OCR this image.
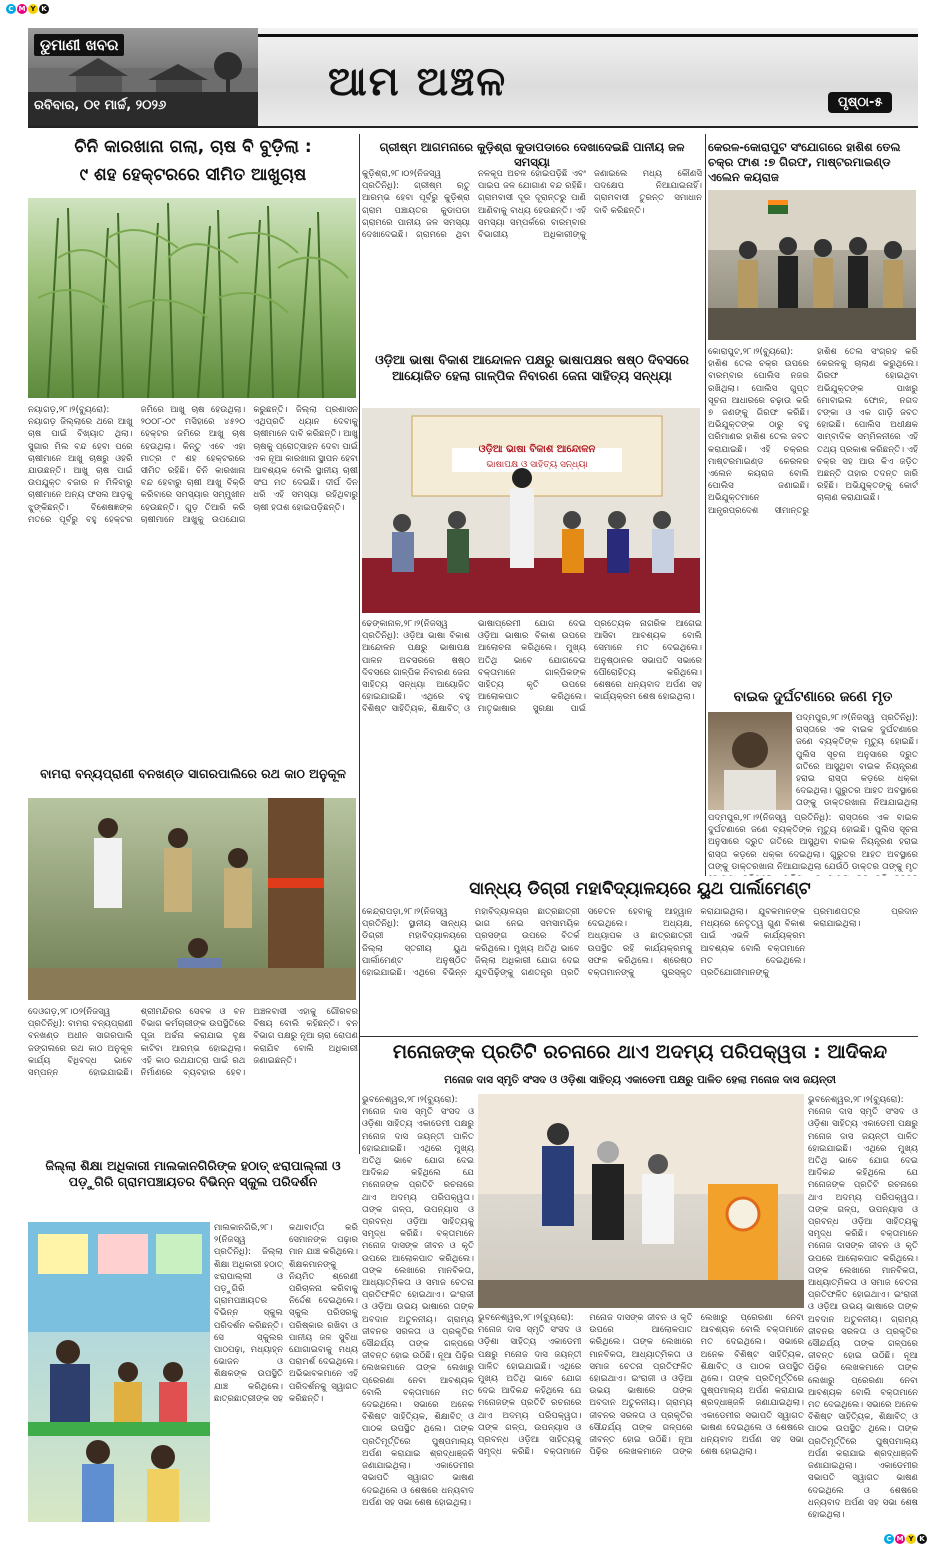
C M Y K
ଡୁମାଣୀ ଖବର
ରବିବାର, ୦୧ ମାର୍ଚ୍ଚ, ୨୦୨୬
ଆମ ଅଞ୍ଚଳ	ପୃଷ୍ଠା-୫
ଚିନି କାରଖାନା ଗଲା, ଚାଷ ବି ବୁଡ଼ିଲା :
୯ ଶହ ହେକ୍ଟରରେ ସୀମିତ ଆଖୁଚାଷ
ନୟାଗଡ଼,୨୮।୨(ବ୍ୟୁରୋ): ନୟାଗଡ଼ ଜିଲ୍ଲାରେ ଥରେ ଆଖୁ ଚାଷ ପାଇଁ ବିଖ୍ୟାତ ଥିଲା। ସୁଗାର ମିଲ ବନ୍ଦ ହେବା ପରେ ଚାଷୀମାନେ ଆଖୁ ଚାଷରୁ ଓହରି ଯାଉଛନ୍ତି। ଆଖୁ ଚାଷ ପାଇଁ ଉପଯୁକ୍ତ ବଜାର ନ ମିଳିବାରୁ ଚାଷୀମାନେ ଅନ୍ୟ ଫସଲ ଆଡ଼କୁ ଝୁଙ୍କିଛନ୍ତି। ବିଶେଷଜ୍ଞଙ୍କ ମତରେ ପୂର୍ବରୁ ବହୁ ହେକ୍ଟର ଜମିରେ ଆଖୁ ଚାଷ ହେଉଥିଲା। ୨୦୦୮-୦୯ ମସିହାରେ ୪୫୨୦ ହେକ୍ଟର ଜମିରେ ଆଖୁ ଚାଷ ହେଉଥିଲା। କିନ୍ତୁ ଏବେ ଏହା ମାତ୍ର ୯ ଶହ ହେକ୍ଟରରେ ସୀମିତ ରହିଛି। ଚିନି କାରଖାନା ବନ୍ଦ ହେବାରୁ ଚାଷୀ ଆଖୁ ବିକ୍ରି କରିବାରେ ସମସ୍ୟାର ସମ୍ମୁଖୀନ ହେଉଛନ୍ତି। ଗୁଡ଼ ତିଆରି କରି ଚାଷୀମାନେ ଆଖୁକୁ ଉପଯୋଗ କରୁଛନ୍ତି। ଜିଲ୍ଲା ପ୍ରଶାସନ ଏଥିପ୍ରତି ଧ୍ୟାନ ଦେବାକୁ ଚାଷୀମାନେ ଦାବି କରିଛନ୍ତି। ଆଖୁ ଚାଷକୁ ପ୍ରୋତ୍ସାହନ ଦେବା ପାଇଁ ଏକ ନୂଆ କାରଖାନା ସ୍ଥାପନ ହେବା ଆବଶ୍ୟକ ବୋଲି ସ୍ଥାନୀୟ ଚାଷୀ ସଂଘ ମତ ଦେଇଛି। ଦୀର୍ଘ ଦିନ ଧରି ଏହି ସମସ୍ୟା ରହିଥିବାରୁ ଚାଷୀ ହତାଶ ହୋଇପଡ଼ିଛନ୍ତି।
ଗ୍ରୀଷ୍ମ ଆଗମନାରେ କୁଡ଼ିଶ୍ରା କୁଡାପଡାରେ ଦେଖାଦେଇଛି ପାନୀୟ ଜଳ ସମସ୍ୟା
କୁଡ଼ିଶ୍ରା,୨୮।୦୨(ନିଜସ୍ୱ ପ୍ରତିନିଧି): ଗ୍ରୀଷ୍ମ ଋତୁ ଆରମ୍ଭ ହେବା ପୂର୍ବରୁ କୁଡ଼ିଶ୍ରା ଗ୍ରାମ ପଞ୍ଚାୟତର କୁଡାପଡା ଗ୍ରାମରେ ପାନୀୟ ଜଳ ସମସ୍ୟା ଦେଖାଦେଇଛି। ଗ୍ରାମରେ ଥିବା ନଳକୂପ ଅଚଳ ହୋଇପଡ଼ିଛି ଏବଂ ପାଇପ ଜଳ ଯୋଗାଣ ବନ୍ଦ ରହିଛି। ଗ୍ରାମବାସୀ ଦୂର ଦୂରାନ୍ତରୁ ପାଣି ଆଣିବାକୁ ବାଧ୍ୟ ହେଉଛନ୍ତି। ଏହି ସମସ୍ୟା ସମ୍ପର୍କରେ ବାରମ୍ବାର ବିଭାଗୀୟ ଅଧିକାରୀଙ୍କୁ ଜଣାଇଲେ ମଧ୍ୟ କୌଣସି ପଦକ୍ଷେପ ନିଆଯାଇନାହିଁ। ଗ୍ରାମବାସୀ ତୁରନ୍ତ ସମାଧାନ ଦାବି କରିଛନ୍ତି।
କେରଳ-କୋରାପୁଟ ସଂଯୋଗରେ ହାଶିଶ ତେଲ ଚକ୍ର ଫାଶ :୭ ଗିରଫ, ମାଷ୍ଟରମାଇଣ୍ଡ ଏଲେନ କୟରାଜ
କୋରାପୁଟ,୨୮।୨(ବ୍ୟୁରୋ): ହାଶିଶ ତେଲ ଚକ୍ର ଉପରେ ବାରମ୍ବାର ପୋଲିସ ନଜର ରଖିଥିଲା। ପୋଲିସ ଗୁପ୍ତ ସୂଚନା ଆଧାରରେ ଚଢ଼ାଉ କରି ୭ ଜଣଙ୍କୁ ଗିରଫ କରିଛି। ଅଭିଯୁକ୍ତଙ୍କ ଠାରୁ ବହୁ ପରିମାଣର ହାଶିଶ ତେଲ ଜବତ କରାଯାଇଛି। ଏହି ଚକ୍ରର ମାଷ୍ଟରମାଇଣ୍ଡ କେରଳର ଏଲେନ କୟରାଜ ବୋଲି ପୋଲିସ ଜଣାଇଛି। ଅଭିଯୁକ୍ତମାନେ ଆନ୍ଧ୍ରପ୍ରଦେଶ ସୀମାନ୍ତରୁ ହାଶିଶ ତେଲ ସଂଗ୍ରହ କରି କେରଳକୁ ଚାଲାଣ କରୁଥିଲେ। ଗିରଫ ହୋଇଥିବା ଅଭିଯୁକ୍ତଙ୍କ ପାଖରୁ ମୋବାଇଲ ଫୋନ, ନଗଦ ଟଙ୍କା ଓ ଏକ ଗାଡ଼ି ଜବତ ହୋଇଛି। ପୋଲିସ ଅଧୀକ୍ଷକ ସାମ୍ବାଦିକ ସମ୍ମିଳନୀରେ ଏହି ତଥ୍ୟ ପ୍ରକାଶ କରିଛନ୍ତି। ଏହି ଚକ୍ର ସହ ଆଉ କିଏ ଜଡ଼ିତ ଅଛନ୍ତି ତାହାର ତଦନ୍ତ ଜାରି ରହିଛି। ଅଭିଯୁକ୍ତଙ୍କୁ କୋର୍ଟ ଚାଲାଣ କରାଯାଇଛି।
ଓଡ଼ିଆ ଭାଷା ବିକାଶ ଆନ୍ଦୋଳନ ପକ୍ଷରୁ ଭାଷାପକ୍ଷର ଷଷ୍ଠ ଦିବସରେ ଆୟୋଜିତ ହେଲା ଗାଳ୍ପିକ ନିବାରଣ ଜେନା ସାହିତ୍ୟ ସନ୍ଧ୍ୟା
ଓଡ଼ିଆ ଭାଷା ବିକାଶ ଆନ୍ଦୋଳନ
ଭାଷାପକ୍ଷ ଓ ସାହିତ୍ୟ ସନ୍ଧ୍ୟା
ଢେଙ୍କାନାଳ,୨୮।୨(ନିଜସ୍ୱ ପ୍ରତିନିଧି): ଓଡ଼ିଆ ଭାଷା ବିକାଶ ଆନ୍ଦୋଳନ ପକ୍ଷରୁ ଭାଷାପକ୍ଷ ପାଳନ ଅବସରରେ ଷଷ୍ଠ ଦିବସରେ ଗାଳ୍ପିକ ନିବାରଣ ଜେନା ସାହିତ୍ୟ ସନ୍ଧ୍ୟା ଆୟୋଜିତ ହୋଇଯାଇଛି। ଏଥିରେ ବହୁ ବିଶିଷ୍ଟ ସାହିତ୍ୟିକ, ଶିକ୍ଷାବିତ୍ ଓ ଭାଷାପ୍ରେମୀ ଯୋଗ ଦେଇ ଓଡ଼ିଆ ଭାଷାର ବିକାଶ ଉପରେ ଆଲୋଚନା କରିଥିଲେ। ମୁଖ୍ୟ ଅତିଥି ଭାବେ ଯୋଗଦେଇ ବକ୍ତାମାନେ ଗାଳ୍ପିକଙ୍କ ସାହିତ୍ୟ କୃତି ଉପରେ ଆଲୋକପାତ କରିଥିଲେ। ମାତୃଭାଷାର ସୁରକ୍ଷା ପାଇଁ ପ୍ରତ୍ୟେକ ନାଗରିକ ଆଗେଇ ଆସିବା ଆବଶ୍ୟକ ବୋଲି ସେମାନେ ମତ ଦେଇଥିଲେ। ଅନୁଷ୍ଠାନର ସଭାପତି ସଭାରେ ପୌରୋହିତ୍ୟ କରିଥିଲେ। ଶେଷରେ ଧନ୍ୟବାଦ ଅର୍ପଣ ସହ କାର୍ଯ୍ୟକ୍ରମ ଶେଷ ହୋଇଥିଲା।	ବାଇକ ଦୁର୍ଘଟଣାରେ ଜଣେ ମୃତ
ପଦ୍ମପୁର,୨୮।୨(ନିଜସ୍ୱ ପ୍ରତିନିଧି): ରାସ୍ତାରେ ଏକ ବାଇକ ଦୁର୍ଘଟଣାରେ ଜଣେ ବ୍ୟକ୍ତିଙ୍କ ମୃତ୍ୟୁ ହୋଇଛି। ପୁଲିସ ସୂଚନା ଅନୁସାରେ ଦ୍ରୁତ ଗତିରେ ଆସୁଥିବା ବାଇକ ନିୟନ୍ତ୍ରଣ ହରାଇ ରାସ୍ତା କଡ଼ରେ ଧକ୍କା ଦେଇଥିଲା। ଗୁରୁତର ଆହତ ଅବସ୍ଥାରେ ତାଙ୍କୁ ଡାକ୍ତରଖାନା ନିଆଯାଇଥିଲା
ପଦ୍ମପୁର,୨୮।୨(ନିଜସ୍ୱ ପ୍ରତିନିଧି): ରାସ୍ତାରେ ଏକ ବାଇକ ଦୁର୍ଘଟଣାରେ ଜଣେ ବ୍ୟକ୍ତିଙ୍କ ମୃତ୍ୟୁ ହୋଇଛି। ପୁଲିସ ସୂଚନା ଅନୁସାରେ ଦ୍ରୁତ ଗତିରେ ଆସୁଥିବା ବାଇକ ନିୟନ୍ତ୍ରଣ ହରାଇ ରାସ୍ତା କଡ଼ରେ ଧକ୍କା ଦେଇଥିଲା। ଗୁରୁତର ଆହତ ଅବସ୍ଥାରେ ତାଙ୍କୁ ଡାକ୍ତରଖାନା ନିଆଯାଇଥିଲା ଯେଉଁଠି ଡାକ୍ତର ତାଙ୍କୁ ମୃତ
ବାମରା ବନ୍ୟପ୍ରାଣୀ ବନଖଣ୍ଡ ସାଗରପାଲିରେ ରଥ କାଠ ଅନୁକୂଳ
ଦେଓଗଡ଼,୨୮।୦୨(ନିଜସ୍ୱ ପ୍ରତିନିଧି): ବାମରା ବନ୍ୟପ୍ରାଣୀ ବନଖଣ୍ଡ ଅଧୀନ ସାଗରପାଲି ଜଙ୍ଗଲରେ ରଥ କାଠ ଅନୁକୂଳ କାର୍ଯ୍ୟ ବିଧିବଦ୍ଧ ଭାବେ ସମ୍ପନ୍ନ ହୋଇଯାଇଛି। ଶ୍ରୀମନ୍ଦିରର ସେବକ ଓ ବନ ବିଭାଗ କର୍ମଚାରୀଙ୍କ ଉପସ୍ଥିତିରେ ପୂଜା ଅର୍ଚ୍ଚନା କରାଯାଇ ବୃକ୍ଷ କାଟିବା ଆରମ୍ଭ ହୋଇଥିଲା। ଏହି କାଠ ରଥଯାତ୍ରା ପାଇଁ ରଥ ନିର୍ମାଣରେ ବ୍ୟବହାର ହେବ। ଅଞ୍ଚଳବାସୀ ଏହାକୁ ଗୌରବର ବିଷୟ ବୋଲି କହିଛନ୍ତି। ବନ ବିଭାଗ ପକ୍ଷରୁ ନୂଆ ଚାରା ରୋପଣ କରାଯିବ ବୋଲି ଅଧିକାରୀ ଜଣାଇଛନ୍ତି।
ସାନ୍ଧ୍ୟ ଡିଗ୍ରୀ ମହାବିଦ୍ୟାଳୟରେ ୟୁଥ ପାର୍ଲାମେଣ୍ଟ
କେନ୍ଦ୍ରାପଡ଼ା,୨୮।୨(ନିଜସ୍ୱ ପ୍ରତିନିଧି): ସ୍ଥାନୀୟ ସାନ୍ଧ୍ୟ ଡିଗ୍ରୀ ମହାବିଦ୍ୟାଳୟରେ ଜିଲ୍ଲା ସ୍ତରୀୟ ୟୁଥ ପାର୍ଲାମେଣ୍ଟ ଅନୁଷ୍ଠିତ ହୋଇଯାଇଛି। ଏଥିରେ ବିଭିନ୍ନ ମହାବିଦ୍ୟାଳୟର ଛାତ୍ରଛାତ୍ରୀ ଭାଗ ନେଇ ସମସାମୟିକ ପ୍ରସଙ୍ଗ ଉପରେ ବିତର୍କ କରିଥିଲେ। ମୁଖ୍ୟ ଅତିଥି ଭାବେ ଜିଲ୍ଲା ଅଧିକାରୀ ଯୋଗ ଦେଇ ଯୁବପିଢ଼ିଙ୍କୁ ଗଣତନ୍ତ୍ର ପ୍ରତି ସଚେତନ ହେବାକୁ ଆହ୍ୱାନ ଦେଇଥିଲେ। ଅଧ୍ୟକ୍ଷ, ଅଧ୍ୟାପକ ଓ ଛାତ୍ରଛାତ୍ରୀ ଉପସ୍ଥିତ ରହି କାର୍ଯ୍ୟକ୍ରମକୁ ସଫଳ କରିଥିଲେ। ଶ୍ରେଷ୍ଠ ବକ୍ତାମାନଙ୍କୁ ପୁରସ୍କୃତ କରାଯାଇଥିଲା। ଯୁବକମାନଙ୍କ ମଧ୍ୟରେ ନେତୃତ୍ୱ ଗୁଣ ବିକାଶ ପାଇଁ ଏଭଳି କାର୍ଯ୍ୟକ୍ରମ ଆବଶ୍ୟକ ବୋଲି ବକ୍ତାମାନେ ମତ ଦେଇଥିଲେ। ପ୍ରତିଯୋଗୀମାନଙ୍କୁ ପ୍ରମାଣପତ୍ର ପ୍ରଦାନ କରାଯାଇଥିଲା।
ଜିଲ୍ଲା ଶିକ୍ଷା ଅଧିକାରୀ ମାଲକାନଗିରିଙ୍କ ହଠାତ୍ ଝରାପାଲ୍ଲୀ ଓ ପଡ଼ୁଗିରି ଗ୍ରାମପଞ୍ଚାୟତର ବିଭିନ୍ନ ସ୍କୁଲ ପରିଦର୍ଶନ
ମାଲକାନଗିରି,୨୮।୨(ନିଜସ୍ୱ ପ୍ରତିନିଧି): ଜିଲ୍ଲା ଶିକ୍ଷା ଅଧିକାରୀ ହଠାତ୍ ଝରାପାଲ୍ଲୀ ଓ ପଡ଼ୁଗିରି ଗ୍ରାମପଞ୍ଚାୟତର ବିଭିନ୍ନ ସ୍କୁଲ ପରିଦର୍ଶନ କରିଛନ୍ତି। ସେ ସ୍କୁଲର ପାଠପଢ଼ା, ମଧ୍ୟାହ୍ନ ଭୋଜନ ଓ ଶିକ୍ଷକଙ୍କ ଉପସ୍ଥିତି ଯାଞ୍ଚ କରିଥିଲେ। ଛାତ୍ରଛାତ୍ରୀଙ୍କ ସହ କଥାବାର୍ତ୍ତା କରି ସେମାନଙ୍କ ପଢ଼ାର ମାନ ଯାଞ୍ଚ କରିଥିଲେ। ଶିକ୍ଷକମାନଙ୍କୁ ନିୟମିତ ଶ୍ରେଣୀ ପରିଚାଳନା କରିବାକୁ ନିର୍ଦ୍ଦେଶ ଦେଇଥିଲେ। ସ୍କୁଲ ପରିସରକୁ ପରିଷ୍କାର ରଖିବା ଓ ପାନୀୟ ଜଳ ସୁବିଧା ଯୋଗାଇବାକୁ ମଧ୍ୟ ପରାମର୍ଶ ଦେଇଥିଲେ। ଅଭିଭାବକମାନେ ଏହି ପରିଦର୍ଶନକୁ ସ୍ୱାଗତ କରିଛନ୍ତି।
ମନୋଜଙ୍କ ପ୍ରତିଟି ରଚନାରେ ଥାଏ ଅଦମ୍ୟ ପରିପକ୍ୱତା : ଆଦିକନ୍ଦ
ମନୋଜ ଦାସ ସ୍ମୃତି ସଂସଦ ଓ ଓଡ଼ିଶା ସାହିତ୍ୟ ଏକାଡେମୀ ପକ୍ଷରୁ ପାଳିତ ହେଲା ମନୋଜ ଦାସ ଜୟନ୍ତୀ
ଭୁବନେଶ୍ୱର,୨୮।୨(ବ୍ୟୁରୋ): ମନୋଜ ଦାସ ସ୍ମୃତି ସଂସଦ ଓ ଓଡ଼ିଶା ସାହିତ୍ୟ ଏକାଡେମୀ ପକ୍ଷରୁ ମନୋଜ ଦାସ ଜୟନ୍ତୀ ପାଳିତ ହୋଇଯାଇଛି। ଏଥିରେ ମୁଖ୍ୟ ଅତିଥି ଭାବେ ଯୋଗ ଦେଇ ଆଦିକନ୍ଦ କହିଥିଲେ ଯେ ମନୋଜଙ୍କ ପ୍ରତିଟି ରଚନାରେ ଥାଏ ଅଦମ୍ୟ ପରିପକ୍ୱତା। ତାଙ୍କ ଗଳ୍ପ, ଉପନ୍ୟାସ ଓ ପ୍ରବନ୍ଧ ଓଡ଼ିଆ ସାହିତ୍ୟକୁ ସମୃଦ୍ଧ କରିଛି। ବକ୍ତାମାନେ ମନୋଜ ଦାସଙ୍କ ଜୀବନ ଓ କୃତି ଉପରେ ଆଲୋକପାତ କରିଥିଲେ। ତାଙ୍କ ଲେଖାରେ ମାନବିକତା, ଆଧ୍ୟାତ୍ମିକତା ଓ ସମାଜ ଚେତନା ପ୍ରତିଫଳିତ ହୋଇଥାଏ। ଇଂରାଜୀ ଓ ଓଡ଼ିଆ ଉଭୟ ଭାଷାରେ ତାଙ୍କ ଅବଦାନ ଅତୁଳନୀୟ। ଗ୍ରାମ୍ୟ ଜୀବନର ସରଳତା ଓ ପ୍ରକୃତିର ସୌନ୍ଦର୍ଯ୍ୟ ତାଙ୍କ ଗଳ୍ପରେ ଜୀବନ୍ତ ହୋଇ ଉଠିଛି। ନୂଆ ପିଢ଼ିର ଲେଖକମାନେ ତାଙ୍କ ଲେଖାରୁ ପ୍ରେରଣା ନେବା ଆବଶ୍ୟକ ବୋଲି ବକ୍ତାମାନେ ମତ ଦେଇଥିଲେ। ସଭାରେ ଅନେକ ବିଶିଷ୍ଟ ସାହିତ୍ୟିକ, ଶିକ୍ଷାବିତ୍ ଓ ପାଠକ ଉପସ୍ଥିତ ଥିଲେ। ତାଙ୍କ ପ୍ରତିମୂର୍ତ୍ତିରେ ପୁଷ୍ପମାଲ୍ୟ ଅର୍ପଣ କରାଯାଇ ଶ୍ରଦ୍ଧାଞ୍ଜଳି ଜଣାଯାଇଥିଲା। ଏକାଡେମୀର ସଭାପତି ସ୍ୱାଗତ ଭାଷଣ ଦେଇଥିଲେ ଓ ଶେଷରେ ଧନ୍ୟବାଦ ଅର୍ପଣ ସହ ସଭା ଶେଷ ହୋଇଥିଲା।
ଭୁବନେଶ୍ୱର,୨୮।୨(ବ୍ୟୁରୋ): ମନୋଜ ଦାସ ସ୍ମୃତି ସଂସଦ ଓ ଓଡ଼ିଶା ସାହିତ୍ୟ ଏକାଡେମୀ ପକ୍ଷରୁ ମନୋଜ ଦାସ ଜୟନ୍ତୀ ପାଳିତ ହୋଇଯାଇଛି। ଏଥିରେ ମୁଖ୍ୟ ଅତିଥି ଭାବେ ଯୋଗ ଦେଇ ଆଦିକନ୍ଦ କହିଥିଲେ ଯେ ମନୋଜଙ୍କ ପ୍ରତିଟି ରଚନାରେ ଥାଏ ଅଦମ୍ୟ ପରିପକ୍ୱତା। ତାଙ୍କ ଗଳ୍ପ, ଉପନ୍ୟାସ ଓ ପ୍ରବନ୍ଧ ଓଡ଼ିଆ ସାହିତ୍ୟକୁ ସମୃଦ୍ଧ କରିଛି। ବକ୍ତାମାନେ ମନୋଜ ଦାସଙ୍କ ଜୀବନ ଓ କୃତି ଉପରେ ଆଲୋକପାତ କରିଥିଲେ। ତାଙ୍କ ଲେଖାରେ ମାନବିକତା, ଆଧ୍ୟାତ୍ମିକତା ଓ ସମାଜ ଚେତନା ପ୍ରତିଫଳିତ ହୋଇଥାଏ। ଇଂରାଜୀ ଓ ଓଡ଼ିଆ ଉଭୟ ଭାଷାରେ ତାଙ୍କ ଅବଦାନ ଅତୁଳନୀୟ। ଗ୍ରାମ୍ୟ ଜୀବନର ସରଳତା ଓ ପ୍ରକୃତିର ସୌନ୍ଦର୍ଯ୍ୟ ତାଙ୍କ ଗଳ୍ପରେ ଜୀବନ୍ତ ହୋଇ ଉଠିଛି। ନୂଆ ପିଢ଼ିର ଲେଖକମାନେ ତାଙ୍କ ଲେଖାରୁ ପ୍ରେରଣା ନେବା ଆବଶ୍ୟକ ବୋଲି ବକ୍ତାମାନେ ମତ ଦେଇଥିଲେ। ସଭାରେ ଅନେକ ବିଶିଷ୍ଟ ସାହିତ୍ୟିକ, ଶିକ୍ଷାବିତ୍ ଓ ପାଠକ ଉପସ୍ଥିତ ଥିଲେ। ତାଙ୍କ ପ୍ରତିମୂର୍ତ୍ତିରେ ପୁଷ୍ପମାଲ୍ୟ ଅର୍ପଣ କରାଯାଇ ଶ୍ରଦ୍ଧାଞ୍ଜଳି ଜଣାଯାଇଥିଲା। ଏକାଡେମୀର ସଭାପତି ସ୍ୱାଗତ ଭାଷଣ ଦେଇଥିଲେ ଓ ଶେଷରେ ଧନ୍ୟବାଦ ଅର୍ପଣ ସହ ସଭା ଶେଷ ହୋଇଥିଲା।
ଭୁବନେଶ୍ୱର,୨୮।୨(ବ୍ୟୁରୋ): ମନୋଜ ଦାସ ସ୍ମୃତି ସଂସଦ ଓ ଓଡ଼ିଶା ସାହିତ୍ୟ ଏକାଡେମୀ ପକ୍ଷରୁ ମନୋଜ ଦାସ ଜୟନ୍ତୀ ପାଳିତ ହୋଇଯାଇଛି। ଏଥିରେ ମୁଖ୍ୟ ଅତିଥି ଭାବେ ଯୋଗ ଦେଇ ଆଦିକନ୍ଦ କହିଥିଲେ ଯେ ମନୋଜଙ୍କ ପ୍ରତିଟି ରଚନାରେ ଥାଏ ଅଦମ୍ୟ ପରିପକ୍ୱତା। ତାଙ୍କ ଗଳ୍ପ, ଉପନ୍ୟାସ ଓ ପ୍ରବନ୍ଧ ଓଡ଼ିଆ ସାହିତ୍ୟକୁ ସମୃଦ୍ଧ କରିଛି। ବକ୍ତାମାନେ ମନୋଜ ଦାସଙ୍କ ଜୀବନ ଓ କୃତି ଉପରେ ଆଲୋକପାତ କରିଥିଲେ। ତାଙ୍କ ଲେଖାରେ ମାନବିକତା, ଆଧ୍ୟାତ୍ମିକତା ଓ ସମାଜ ଚେତନା ପ୍ରତିଫଳିତ ହୋଇଥାଏ। ଇଂରାଜୀ ଓ ଓଡ଼ିଆ ଉଭୟ ଭାଷାରେ ତାଙ୍କ ଅବଦାନ ଅତୁଳନୀୟ। ଗ୍ରାମ୍ୟ ଜୀବନର ସରଳତା ଓ ପ୍ରକୃତିର ସୌନ୍ଦର୍ଯ୍ୟ ତାଙ୍କ ଗଳ୍ପରେ ଜୀବନ୍ତ ହୋଇ ଉଠିଛି। ନୂଆ ପିଢ଼ିର ଲେଖକମାନେ ତାଙ୍କ ଲେଖାରୁ ପ୍ରେରଣା ନେବା ଆବଶ୍ୟକ ବୋଲି ବକ୍ତାମାନେ ମତ ଦେଇଥିଲେ। ସଭାରେ ଅନେକ ବିଶିଷ୍ଟ ସାହିତ୍ୟିକ, ଶିକ୍ଷାବିତ୍ ଓ ପାଠକ ଉପସ୍ଥିତ ଥିଲେ। ତାଙ୍କ ପ୍ରତିମୂର୍ତ୍ତିରେ ପୁଷ୍ପମାଲ୍ୟ ଅର୍ପଣ କରାଯାଇ ଶ୍ରଦ୍ଧାଞ୍ଜଳି ଜଣାଯାଇଥିଲା। ଏକାଡେମୀର ସଭାପତି ସ୍ୱାଗତ ଭାଷଣ ଦେଇଥିଲେ ଓ ଶେଷରେ ଧନ୍ୟବାଦ ଅର୍ପଣ ସହ ସଭା ଶେଷ ହୋଇଥିଲା।
C M Y K
